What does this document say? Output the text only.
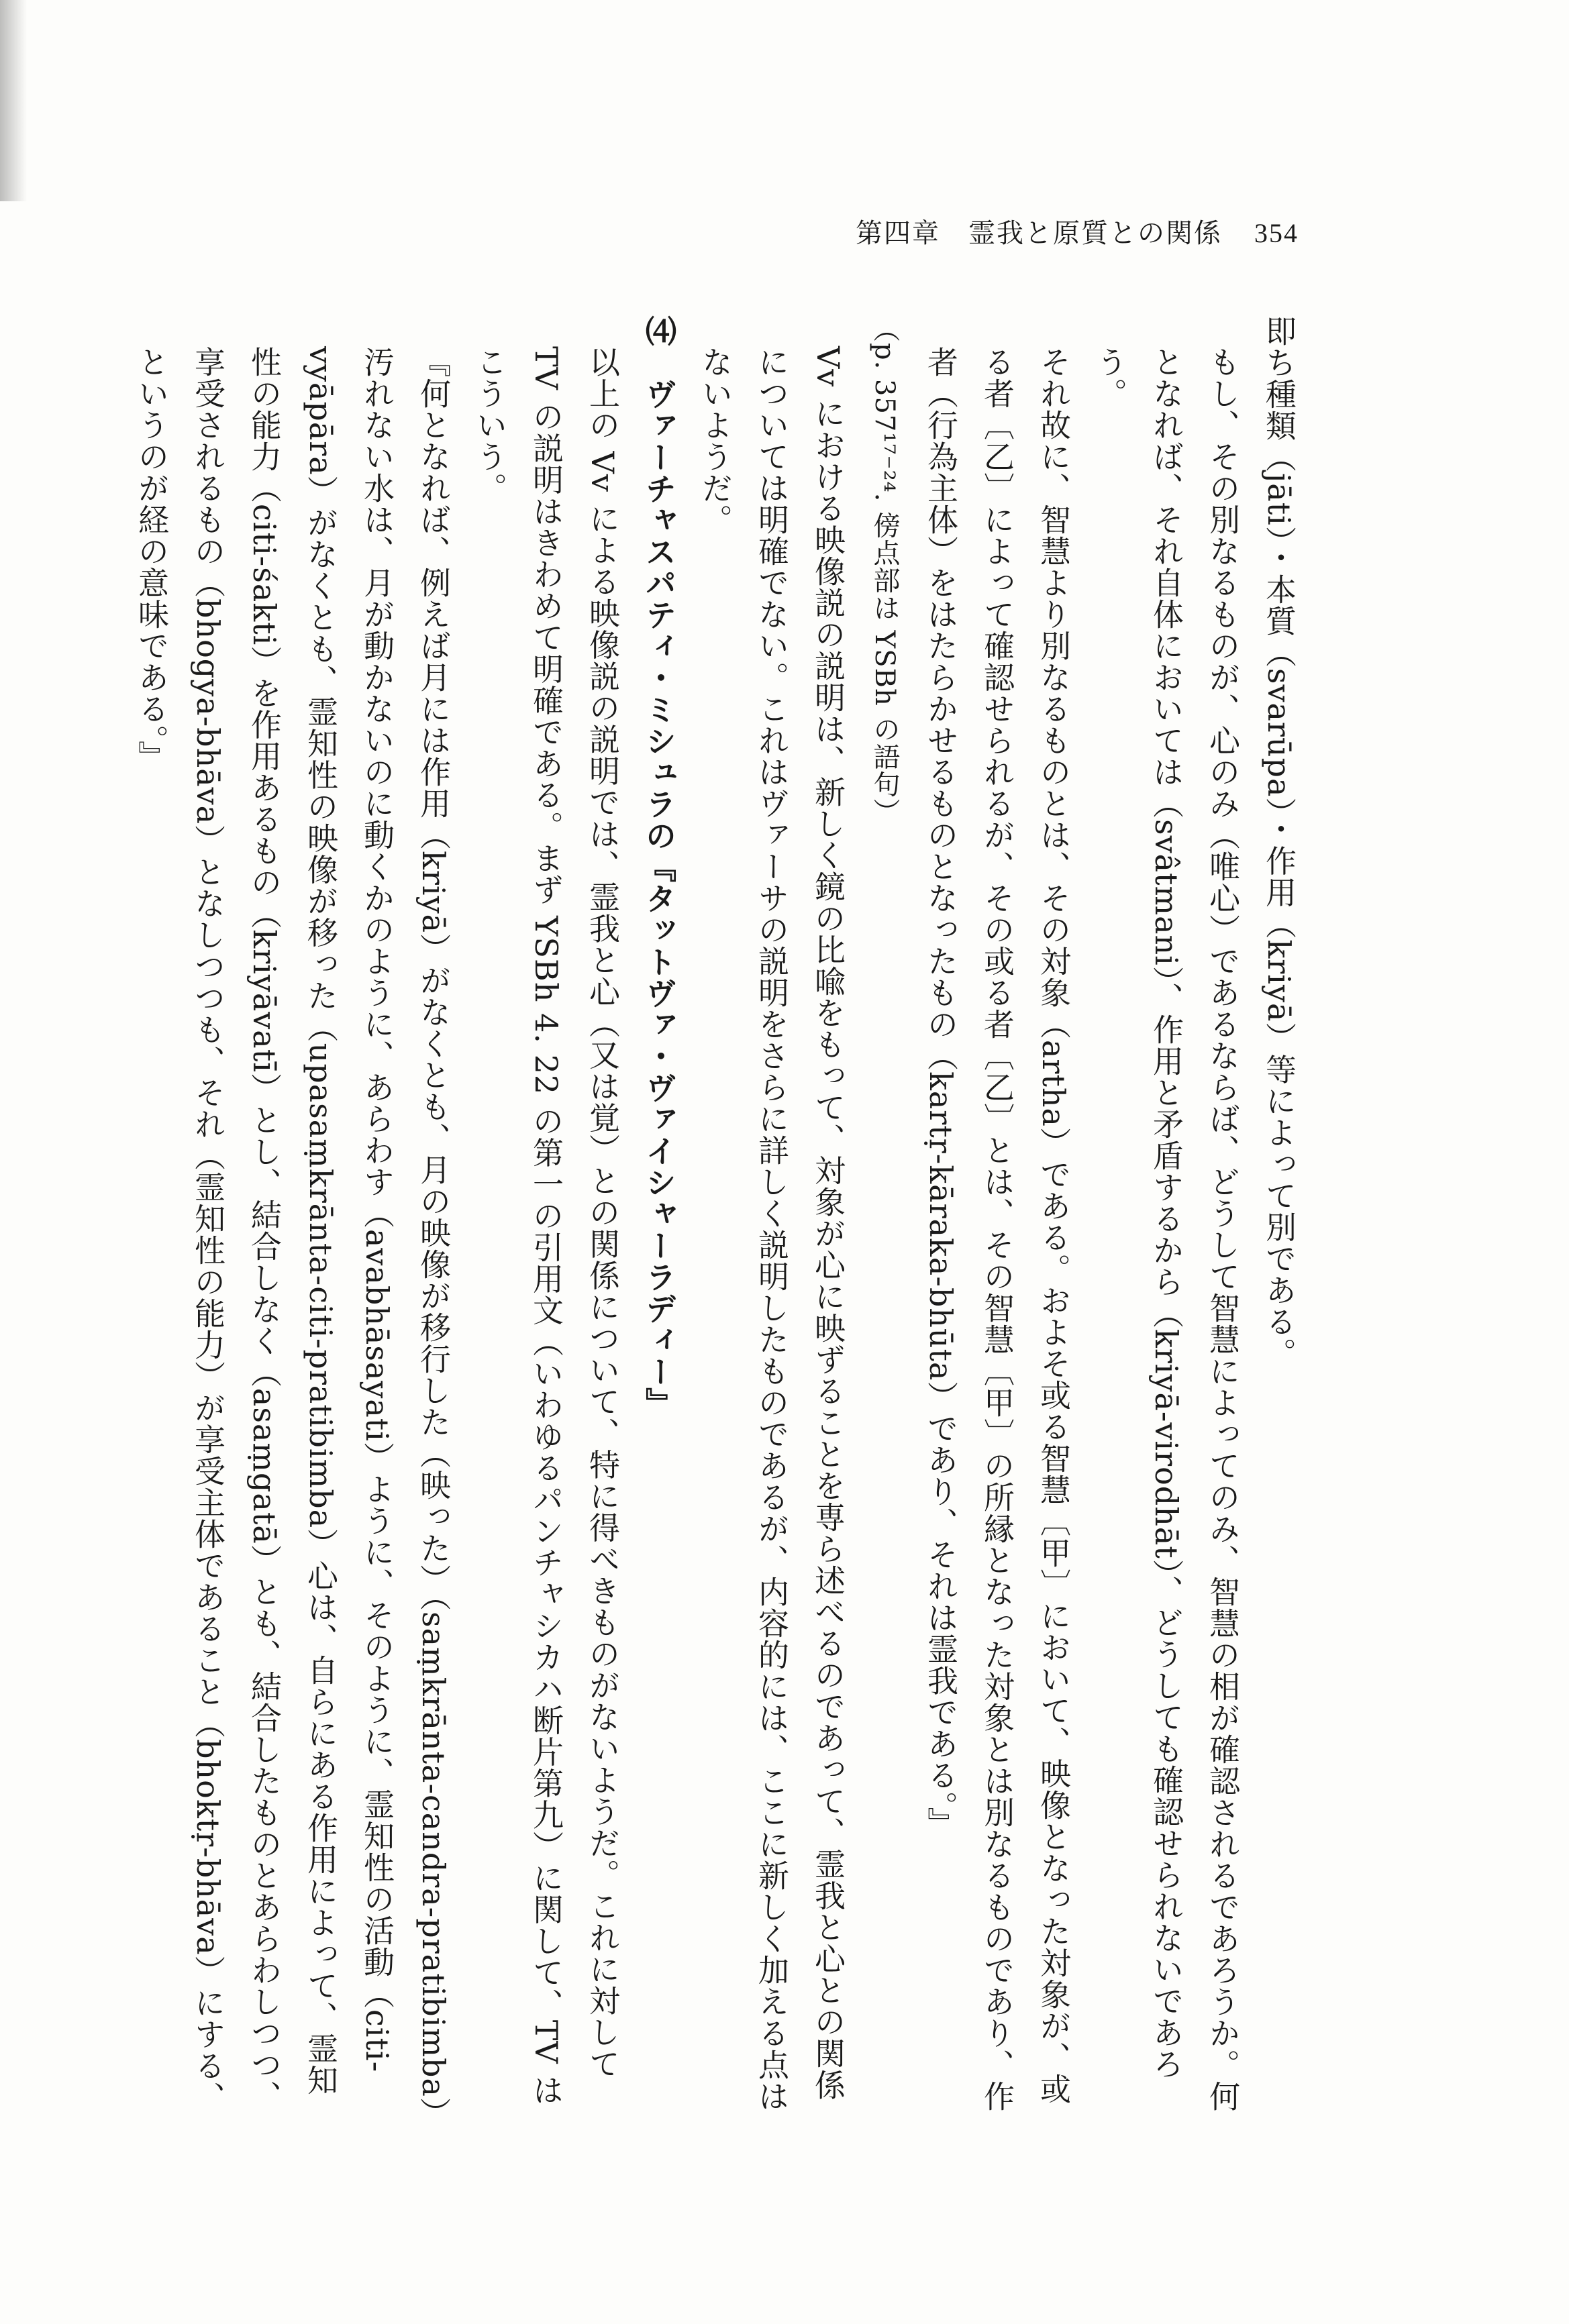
第四章　霊我と原質との関係 354

即ち種類（jāti）・本質（svarūpa）・作用（kriyā）等によって別である。

もし、その別なるものが、心のみ（唯心）であるならば、どうして智慧によってのみ、智慧の相が確認されるであろうか。何となれば、それ自体においては（svâtmani）、作用と矛盾するから（kriyā-virodhāt）、どうしても確認せられないであろう。

それ故に、智慧より別なるものとは、その対象（artha）である。およそ或る智慧〔甲〕において、映像となった対象が、或る者〔乙〕によって確認せられるが、その或る者〔乙〕とは、その智慧〔甲〕の所縁となった対象とは別なるものであり、作者（行為主体）をはたらかせるものとなったもの（kartṛ-kāraka-bhūta）であり、それは霊我である。』

（p. 357¹⁷⁻²⁴. 傍点部は YSBh の語句）

Vv における映像説の説明は、新しく鏡の比喩をもって、対象が心に映ずることを専ら述べるのであって、霊我と心との関係については明確でない。これはヴァーサの説明をさらに詳しく説明したものであるが、内容的には、ここに新しく加える点はないようだ。

⑷　ヴァーチャスパティ・ミシュラの『タットヴァ・ヴァイシャーラディー』

以上の Vv による映像説の説明では、霊我と心（又は覚）との関係について、特に得べきものがないようだ。これに対して TV の説明はきわめて明確である。まず YSBh 4. 22 の第一の引用文（いわゆるパンチャシカハ断片第九）に関して、TV はこういう。

『何となれば、例えば月には作用（kriyā）がなくとも、月の映像が移行した（映った）（saṃkrānta-candra-pratibimba）汚れない水は、月が動かないのに動くかのように、あらわす（avabhāsayati）ように、そのように、霊知性の活動（citi-vyāpāra）がなくとも、霊知性の映像が移った（upasaṃkrānta-citi-pratibimba）心は、自らにある作用によって、霊知性の能力（citi-śakti）を作用あるもの（kriyāvatī）とし、結合しなく（asaṃgatā）とも、結合したものとあらわしつつ、享受されるもの（bhogya-bhāva）となしつつも、それ（霊知性の能力）が享受主体であること（bhoktṛ-bhāva）にする、というのが経の意味である。』
